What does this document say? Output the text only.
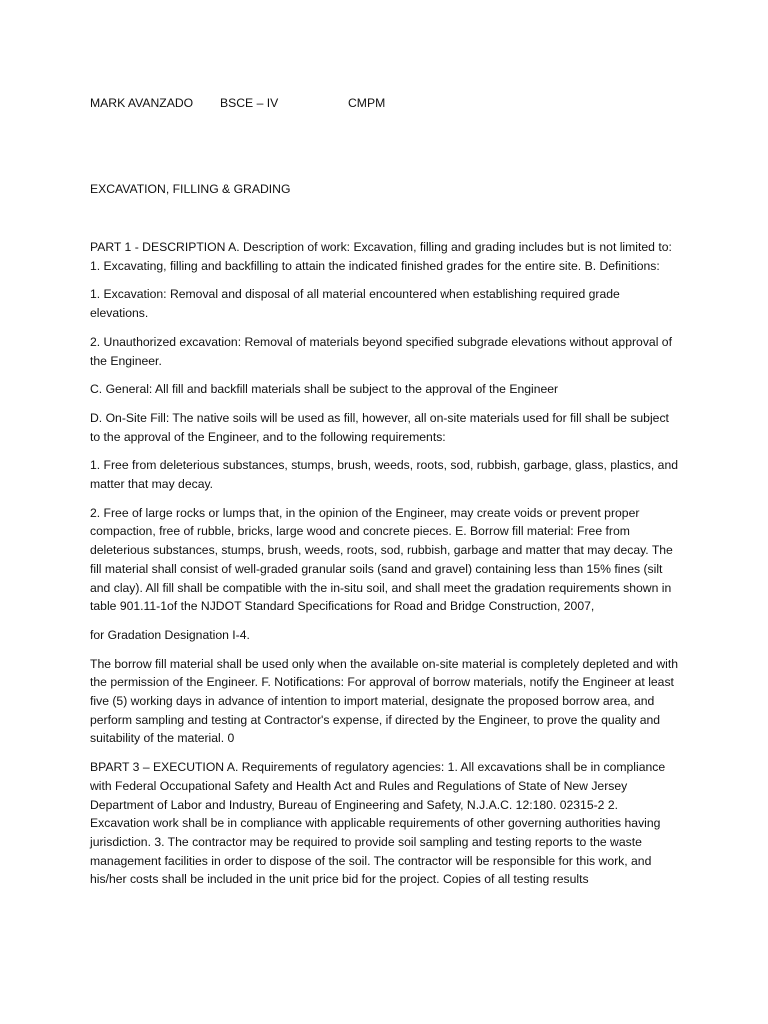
MARK AVANZADO BSCE – IV	CMPM
EXCAVATION, FILLING & GRADING

PART 1 - DESCRIPTION A. Description of work: Excavation, filling and grading includes but is not limited to: 1. Excavating, filling and backfilling to attain the indicated finished grades for the entire site. B. Definitions:

1. Excavation: Removal and disposal of all material encountered when establishing required grade elevations.

2. Unauthorized excavation: Removal of materials beyond specified subgrade elevations without approval of the Engineer.

C. General: All fill and backfill materials shall be subject to the approval of the Engineer

D. On-Site Fill: The native soils will be used as fill, however, all on-site materials used for fill shall be subject to the approval of the Engineer, and to the following requirements:

1. Free from deleterious substances, stumps, brush, weeds, roots, sod, rubbish, garbage, glass, plastics, and matter that may decay.

2. Free of large rocks or lumps that, in the opinion of the Engineer, may create voids or prevent proper compaction, free of rubble, bricks, large wood and concrete pieces. E. Borrow fill material: Free from deleterious substances, stumps, brush, weeds, roots, sod, rubbish, garbage and matter that may decay. The fill material shall consist of well-graded granular soils (sand and gravel) containing less than 15% fines (silt and clay). All fill shall be compatible with the in-situ soil, and shall meet the gradation requirements shown in table 901.11-1of the NJDOT Standard Specifications for Road and Bridge Construction, 2007,

for Gradation Designation I-4.

The borrow fill material shall be used only when the available on-site material is completely depleted and with the permission of the Engineer. F. Notifications: For approval of borrow materials, notify the Engineer at least five (5) working days in advance of intention to import material, designate the proposed borrow area, and perform sampling and testing at Contractor's expense, if directed by the Engineer, to prove the quality and suitability of the material. 0

BPART 3 – EXECUTION A. Requirements of regulatory agencies: 1. All excavations shall be in compliance with Federal Occupational Safety and Health Act and Rules and Regulations of State of New Jersey Department of Labor and Industry, Bureau of Engineering and Safety, N.J.A.C. 12:180. 02315-2 2. Excavation work shall be in compliance with applicable requirements of other governing authorities having jurisdiction. 3. The contractor may be required to provide soil sampling and testing reports to the waste management facilities in order to dispose of the soil. The contractor will be responsible for this work, and his/her costs shall be included in the unit price bid for the project. Copies of all testing results
